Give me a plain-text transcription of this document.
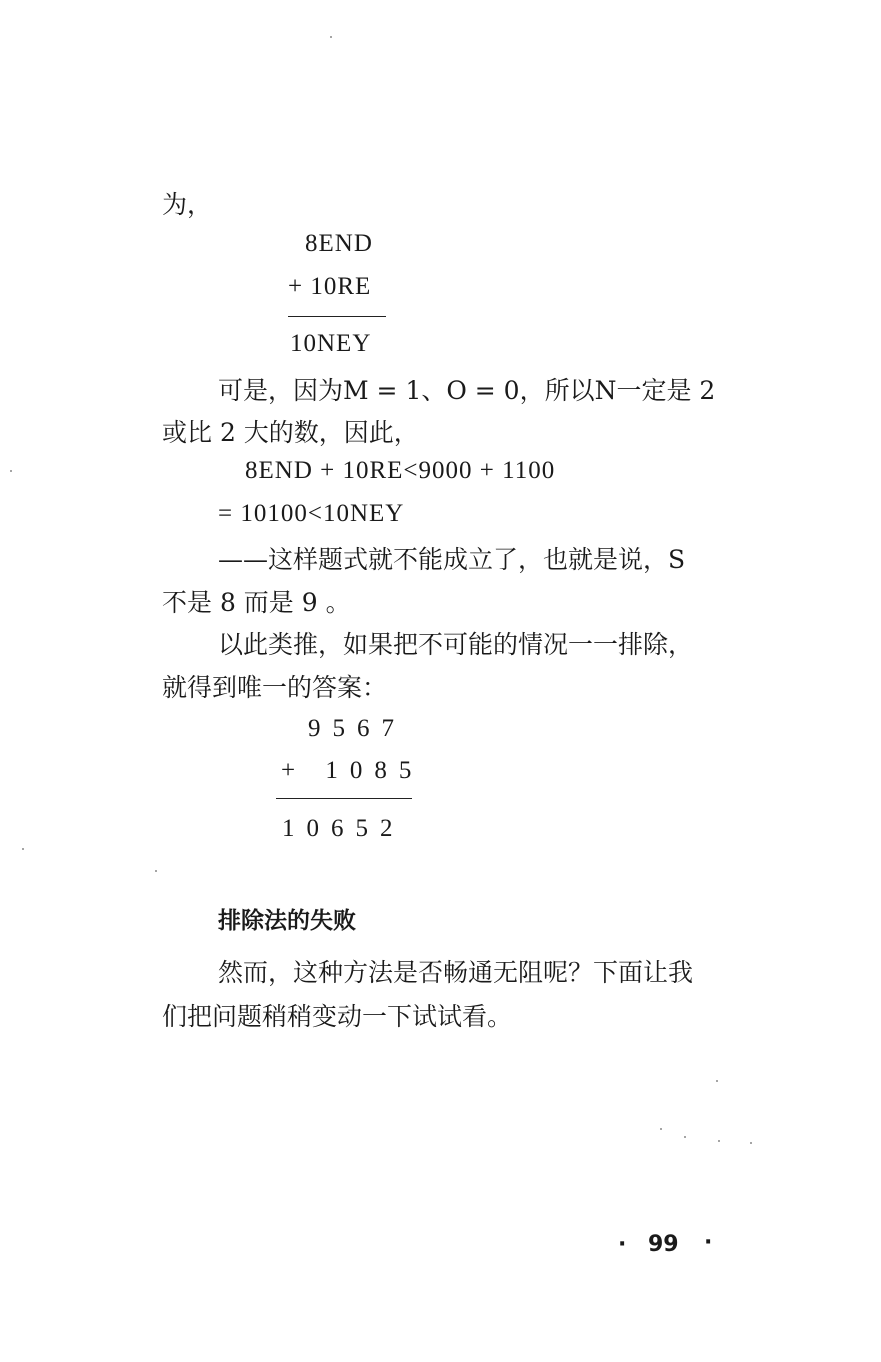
为，
8END
+ 10RE
10NEY
可是，因为M = 1、O = 0，所以N一定是 2
或比 2 大的数，因此，
8END + 10RE<9000 + 1100
= 10100<10NEY
——这样题式就不能成立了，也就是说，S
不是 8 而是 9 。
以此类推，如果把不可能的情况一一排除，
就得到唯一的答案：
9567
+ 1085
10652
排除法的失败
然而，这种方法是否畅通无阻呢？下面让我
们把问题稍稍变动一下试试看。
· 99 ·
